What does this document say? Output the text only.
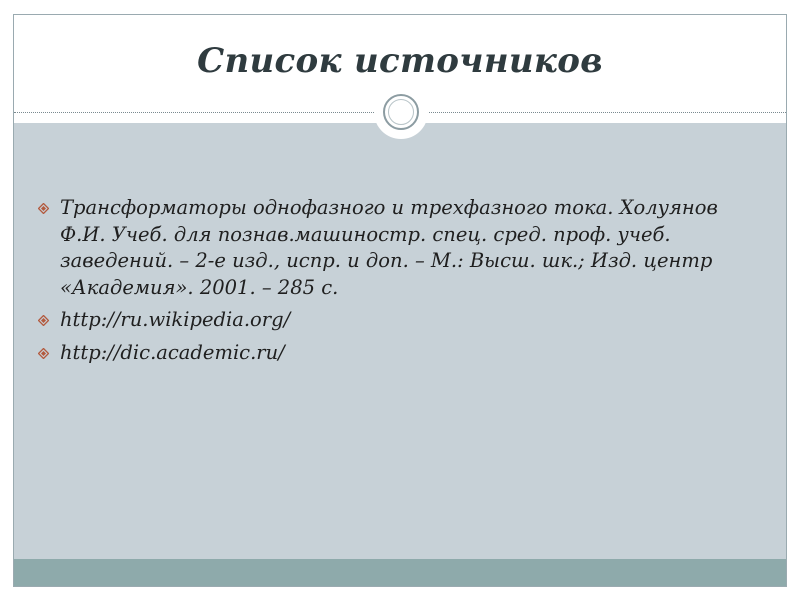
Список источников
Трансформаторы однофазного и трехфазного тока. Холуянов Ф.И. Учеб. для познав.машиностр. спец. сред. проф. учеб. заведений. – 2-е изд., испр. и доп. – М.: Высш. шк.; Изд. центр «Академия». 2001. – 285 с.
http://ru.wikipedia.org/
http://dic.academic.ru/
